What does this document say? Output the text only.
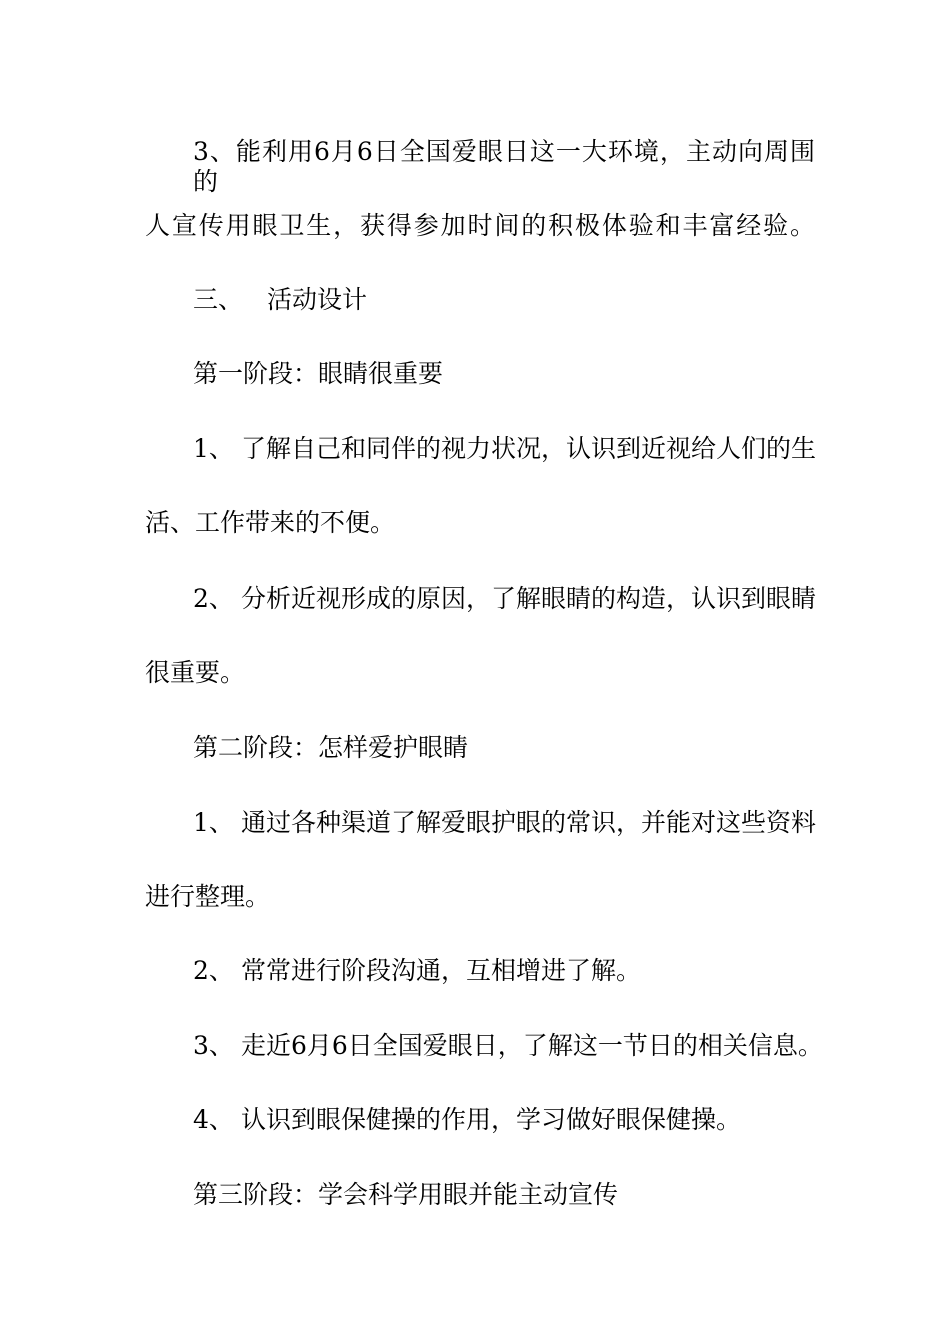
3、能利用6月6日全国爱眼日这一大环境，主动向周围的
人宣传用眼卫生，获得参加时间的积极体验和丰富经验。
三、 活动设计
第一阶段：眼睛很重要
1、 了解自己和同伴的视力状况，认识到近视给人们的生
活、工作带来的不便。
2、 分析近视形成的原因，了解眼睛的构造，认识到眼睛
很重要。
第二阶段：怎样爱护眼睛
1、 通过各种渠道了解爱眼护眼的常识，并能对这些资料
进行整理。
2、 常常进行阶段沟通，互相增进了解。
3、 走近6月6日全国爱眼日，了解这一节日的相关信息。
4、 认识到眼保健操的作用，学习做好眼保健操。
第三阶段：学会科学用眼并能主动宣传
